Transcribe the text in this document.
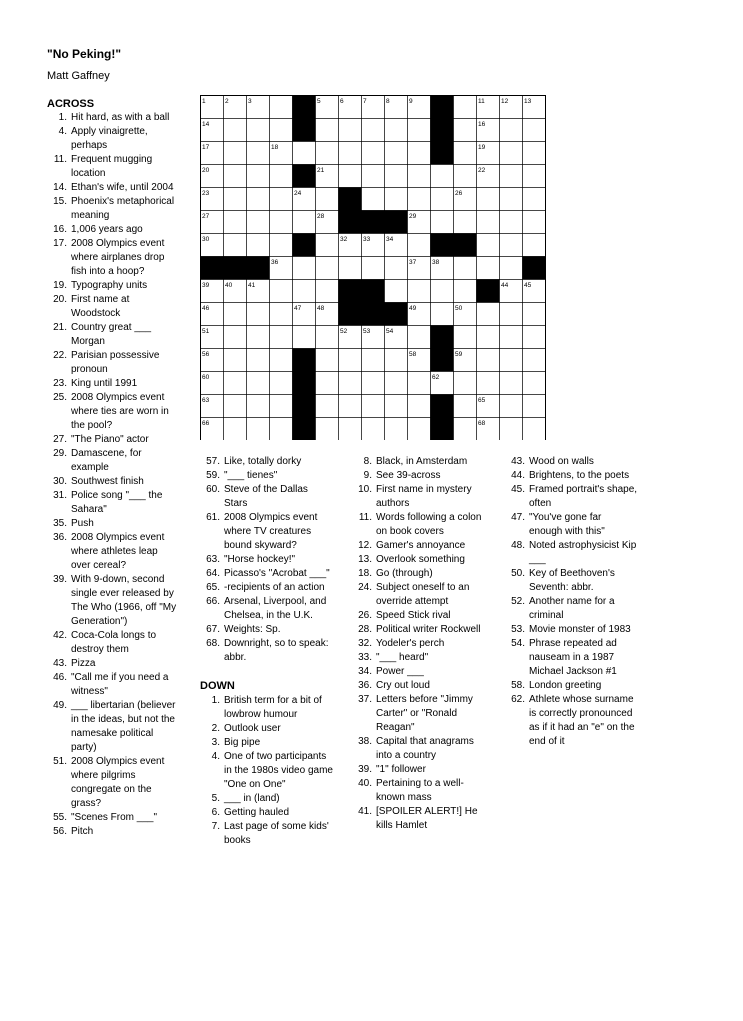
"No Peking!"
Matt Gaffney
1	2	3	4	5	6	7	8	9	10	11	12 13
14	15	16
17	18	19
20	21	22
23	24	25	26
27	28	29
30	31	32 33 34	35
36	37 38
39 40 41	42	43 44 45
46	47 48	49	50
51	52 53 54	55
56	57	58	59
60	61	62
63	64	65
66	67	68
ACROSS
1. Hit hard, as with a ball
4. Apply vinaigrette,
perhaps
11. Frequent mugging
location
14. Ethan's wife, until 2004
15. Phoenix's metaphorical
meaning
16. 1,006 years ago
17. 2008 Olympics event
where airplanes drop
fish into a hoop?
19. Typography units
20. First name at
Woodstock
21. Country great ___
Morgan
22. Parisian possessive
pronoun
23. King until 1991
25. 2008 Olympics event
where ties are worn in
the pool?
27. "The Piano" actor
29. Damascene, for
example
30. Southwest finish
31. Police song "___ the
Sahara"
35. Push
36. 2008 Olympics event
where athletes leap
over cereal?
39. With 9-down, second
single ever released by
The Who (1966, off "My
Generation")
42. Coca-Cola longs to
destroy them
43. Pizza
46. "Call me if you need a
witness"
49. ___ libertarian (believer
in the ideas, but not the
namesake political
party)
51. 2008 Olympics event
where pilgrims
congregate on the
grass?
55. "Scenes From ___"
56. Pitch
57. Like, totally dorky
59. "___ tienes"
60. Steve of the Dallas
Stars
61. 2008 Olympics event
where TV creatures
bound skyward?
63. "Horse hockey!"
64. Picasso's "Acrobat ___"
65. -recipients of an action
66. Arsenal, Liverpool, and
Chelsea, in the U.K.
67. Weights: Sp.
68. Downright, so to speak:
abbr.
DOWN
1. British term for a bit of
lowbrow humour
2. Outlook user
3. Big pipe
4. One of two participants
in the 1980s video game
"One on One"
5. ___ in (land)
6. Getting hauled
7. Last page of some kids'
books
8. Black, in Amsterdam
9. See 39-across
10. First name in mystery
authors
11. Words following a colon
on book covers
12. Gamer's annoyance
13. Overlook something
18. Go (through)
24. Subject oneself to an
override attempt
26. Speed Stick rival
28. Political writer Rockwell
32. Yodeler's perch
33. "___ heard"
34. Power ___
36. Cry out loud
37. Letters before "Jimmy
Carter" or "Ronald
Reagan"
38. Capital that anagrams
into a country
39. "1" follower
40. Pertaining to a well-
known mass
41. [SPOILER ALERT!] He
kills Hamlet
43. Wood on walls
44. Brightens, to the poets
45. Framed portrait's shape,
often
47. "You've gone far
enough with this"
48. Noted astrophysicist Kip
___
50. Key of Beethoven's
Seventh: abbr.
52. Another name for a
criminal
53. Movie monster of 1983
54. Phrase repeated ad
nauseam in a 1987
Michael Jackson #1
58. London greeting
62. Athlete whose surname
is correctly pronounced
as if it had an "e" on the
end of it
